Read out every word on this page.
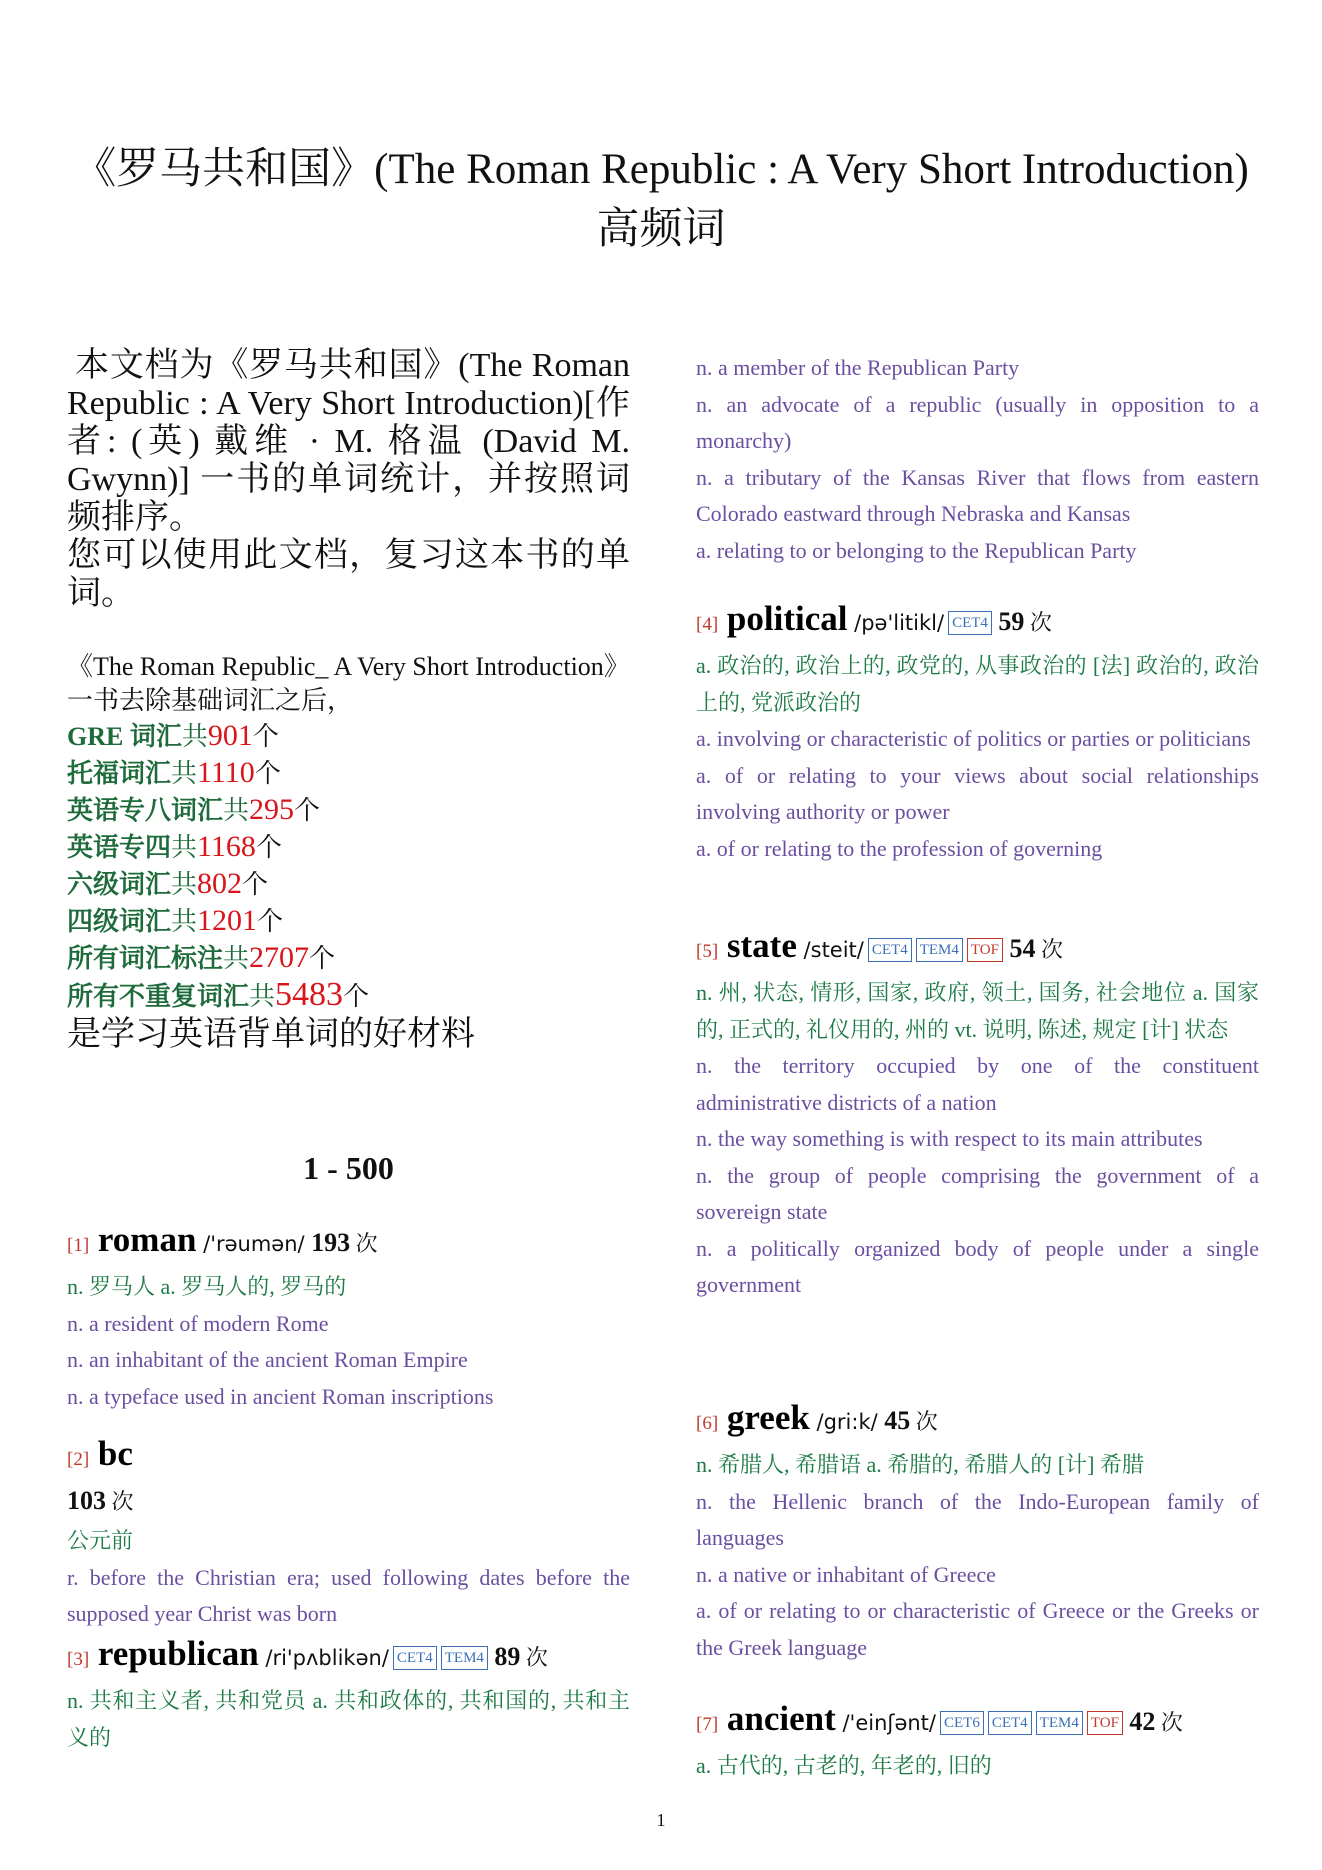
《罗马共和国》(The Roman Republic : A Very Short Introduction)
高频词

本文档为《罗马共和国》(The Roman Republic : A Very Short Introduction)[作者: (英) 戴维 · M. 格温 (David M. Gwynn)] 一书的单词统计，并按照词频排序。

您可以使用此文档，复习这本书的单词。

《The Roman Republic_ A Very Short Introduction》一书去除基础词汇之后，
GRE 词汇共901个
托福词汇共1110个
英语专八词汇共295个
英语专四共1168个
六级词汇共802个
四级词汇共1201个
所有词汇标注共2707个
所有不重复词汇共5483个
是学习英语背单词的好材料
1 - 500
[1] roman /'rəumən/ 193 次

n. 罗马人 a. 罗马人的, 罗马的

n. a resident of modern Rome

n. an inhabitant of the ancient Roman Empire

n. a typeface used in ancient Roman inscriptions

[2] bc
103 次

公元前

r. before the Christian era; used following dates before the supposed year Christ was born

[3] republican /ri'pʌblikən/ CET4 TEM4 89 次

n. 共和主义者, 共和党员 a. 共和政体的, 共和国的, 共和主义的

n. a member of the Republican Party

n. an advocate of a republic (usually in opposition to a monarchy)

n. a tributary of the Kansas River that flows from eastern Colorado eastward through Nebraska and Kansas

a. relating to or belonging to the Republican Party

[4] political /pə'litikl/ CET4 59 次

a. 政治的, 政治上的, 政党的, 从事政治的 [法] 政治的, 政治上的, 党派政治的

a. involving or characteristic of politics or parties or politicians

a. of or relating to your views about social relationships involving authority or power

a. of or relating to the profession of governing

[5] state /steit/ CET4 TEM4 TOF 54 次

n. 州, 状态, 情形, 国家, 政府, 领土, 国务, 社会地位 a. 国家的, 正式的, 礼仪用的, 州的 vt. 说明, 陈述, 规定 [计] 状态

n. the territory occupied by one of the constituent administrative districts of a nation

n. the way something is with respect to its main attributes

n. the group of people comprising the government of a sovereign state

n. a politically organized body of people under a single government

[6] greek /gri:k/ 45 次

n. 希腊人, 希腊语 a. 希腊的, 希腊人的 [计] 希腊

n. the Hellenic branch of the Indo-European family of languages

n. a native or inhabitant of Greece

a. of or relating to or characteristic of Greece or the Greeks or the Greek language

[7] ancient /'einʃənt/ CET6 CET4 TEM4 TOF 42 次

a. 古代的, 古老的, 年老的, 旧的

1
